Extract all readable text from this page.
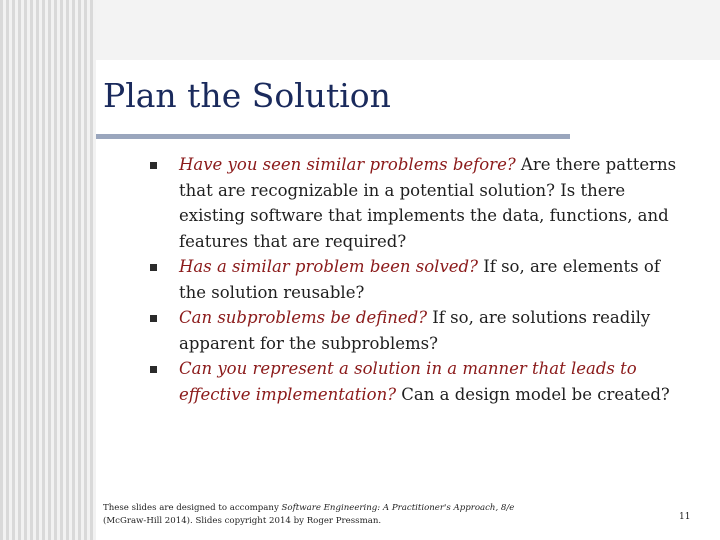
Plan the Solution
Have you seen similar problems before? Are there patterns that are recognizable in a potential solution? Is there existing software that implements the data, functions, and features that are required?
Has a similar problem been solved? If so, are elements of the solution reusable?
Can subproblems be defined? If so, are solutions readily apparent for the subproblems?
Can you represent a solution in a manner that leads to effective implementation? Can a design model be created?
These slides are designed to accompany Software Engineering: A Practitioner's Approach, 8/e (McGraw-Hill 2014). Slides copyright 2014 by Roger Pressman.	11
